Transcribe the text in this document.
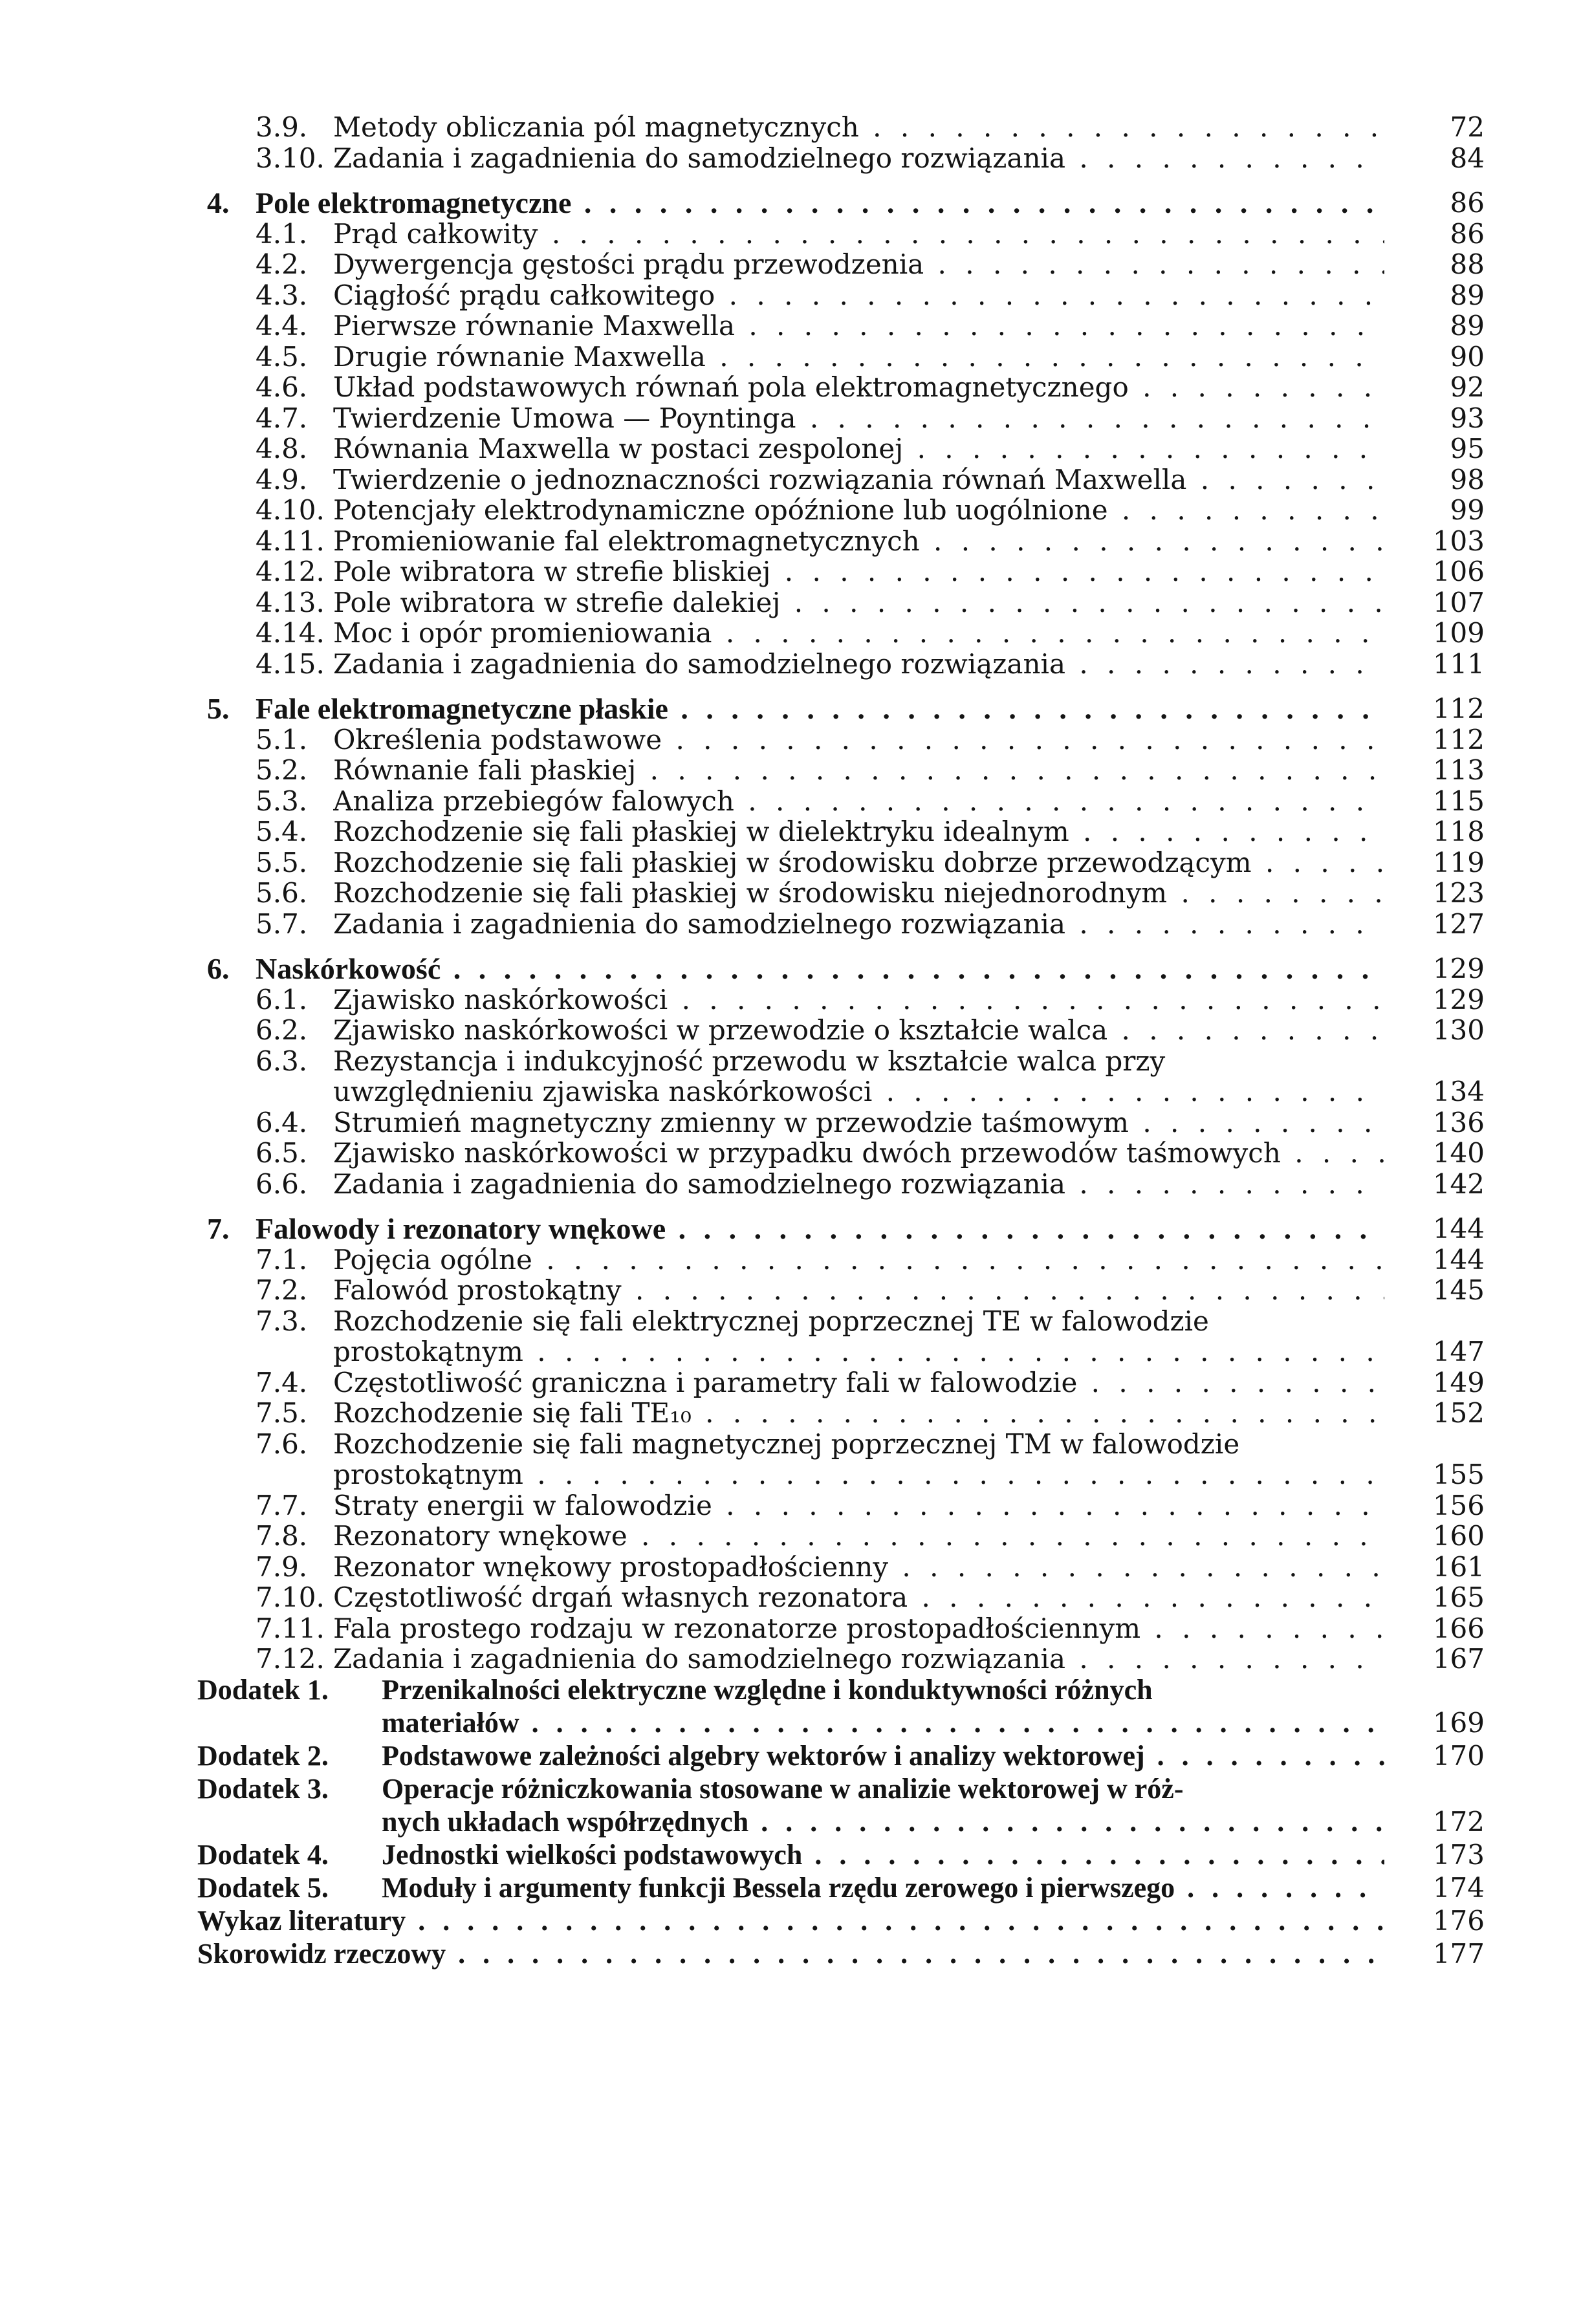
3.9. Metody obliczania pól magnetycznych . . .	72
3.10. Zadania i zagadnienia do samodzielnego rozwiązania . . .	84
4. Pole elektromagnetyczne . . .	86
4.1. Prąd całkowity . . .	86
4.2. Dywergencja gęstości prądu przewodzenia . . .	88
4.3. Ciągłość prądu całkowitego . . .	89
4.4. Pierwsze równanie Maxwella . . .	89
4.5. Drugie równanie Maxwella . . .	90
4.6. Układ podstawowych równań pola elektromagnetycznego . . .	92
4.7. Twierdzenie Umowa — Poyntinga . . .	93
4.8. Równania Maxwella w postaci zespolonej . . .	95
4.9. Twierdzenie o jednoznaczności rozwiązania równań Maxwella . . .	98
4.10. Potencjały elektrodynamiczne opóźnione lub uogólnione . . .	99
4.11. Promieniowanie fal elektromagnetycznych . . .	103
4.12. Pole wibratora w strefie bliskiej . . .	106
4.13. Pole wibratora w strefie dalekiej . . .	107
4.14. Moc i opór promieniowania . . .	109
4.15. Zadania i zagadnienia do samodzielnego rozwiązania . . .	111
5. Fale elektromagnetyczne płaskie . . .	112
5.1. Określenia podstawowe . . .	112
5.2. Równanie fali płaskiej . . .	113
5.3. Analiza przebiegów falowych . . .	115
5.4. Rozchodzenie się fali płaskiej w dielektryku idealnym . . .	118
5.5. Rozchodzenie się fali płaskiej w środowisku dobrze przewodzącym . . .	119
5.6. Rozchodzenie się fali płaskiej w środowisku niejednorodnym . . .	123
5.7. Zadania i zagadnienia do samodzielnego rozwiązania . . .	127
6. Naskórkowość . . .	129
6.1. Zjawisko naskórkowości . . .	129
6.2. Zjawisko naskórkowości w przewodzie o kształcie walca . . .	130
6.3. Rezystancja i indukcyjność przewodu w kształcie walca przy
uwzględnieniu zjawiska naskórkowości . . .	134
6.4. Strumień magnetyczny zmienny w przewodzie taśmowym . . .	136
6.5. Zjawisko naskórkowości w przypadku dwóch przewodów taśmowych . . .	140
6.6. Zadania i zagadnienia do samodzielnego rozwiązania . . .	142
7. Falowody i rezonatory wnękowe . . .	144
7.1. Pojęcia ogólne . . .	144
7.2. Falowód prostokątny . . .	145
7.3. Rozchodzenie się fali elektrycznej poprzecznej TE w falowodzie
prostokątnym . . .	147
7.4. Częstotliwość graniczna i parametry fali w falowodzie . . .	149
7.5. Rozchodzenie się fali TE₁₀ . . .	152
7.6. Rozchodzenie się fali magnetycznej poprzecznej TM w falowodzie
prostokątnym . . .	155
7.7. Straty energii w falowodzie . . .	156
7.8. Rezonatory wnękowe . . .	160
7.9. Rezonator wnękowy prostopadłościenny . . .	161
7.10. Częstotliwość drgań własnych rezonatora . . .	165
7.11. Fala prostego rodzaju w rezonatorze prostopadłościennym . . .	166
7.12. Zadania i zagadnienia do samodzielnego rozwiązania . . .	167
Dodatek 1. Przenikalności elektryczne względne i konduktywności różnych
materiałów . . .	169
Dodatek 2. Podstawowe zależności algebry wektorów i analizy wektorowej . . .	170
Dodatek 3. Operacje różniczkowania stosowane w analizie wektorowej w róż-
nych układach współrzędnych . . .	172
Dodatek 4. Jednostki wielkości podstawowych . . .	173
Dodatek 5. Moduły i argumenty funkcji Bessela rzędu zerowego i pierwszego . . .	174
Wykaz literatury . . .	176
Skorowidz rzeczowy . . .	177
